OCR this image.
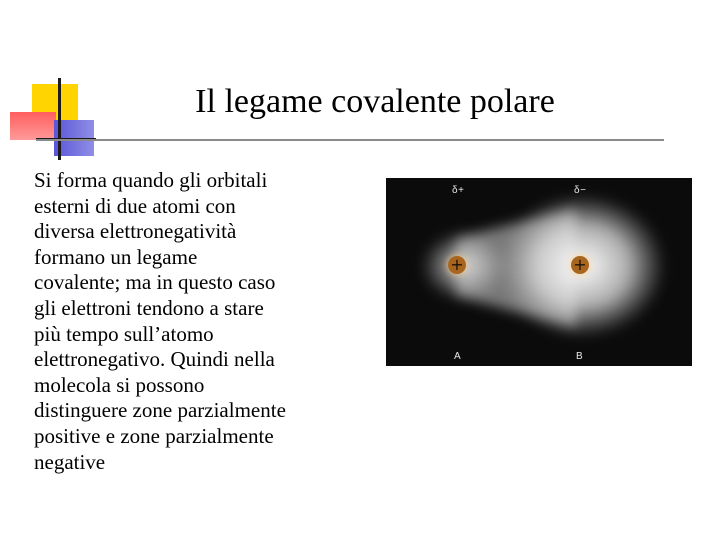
Il legame covalente polare
Si forma quando gli orbitali
esterni di due atomi con
diversa elettronegatività
formano un legame
covalente; ma in questo caso
gli elettroni tendono a stare
più tempo sull’atomo
elettronegativo. Quindi nella
molecola si possono
distinguere zone parzialmente
positive e zone parzialmente
negative
δ+	δ−
+	+
A	B
